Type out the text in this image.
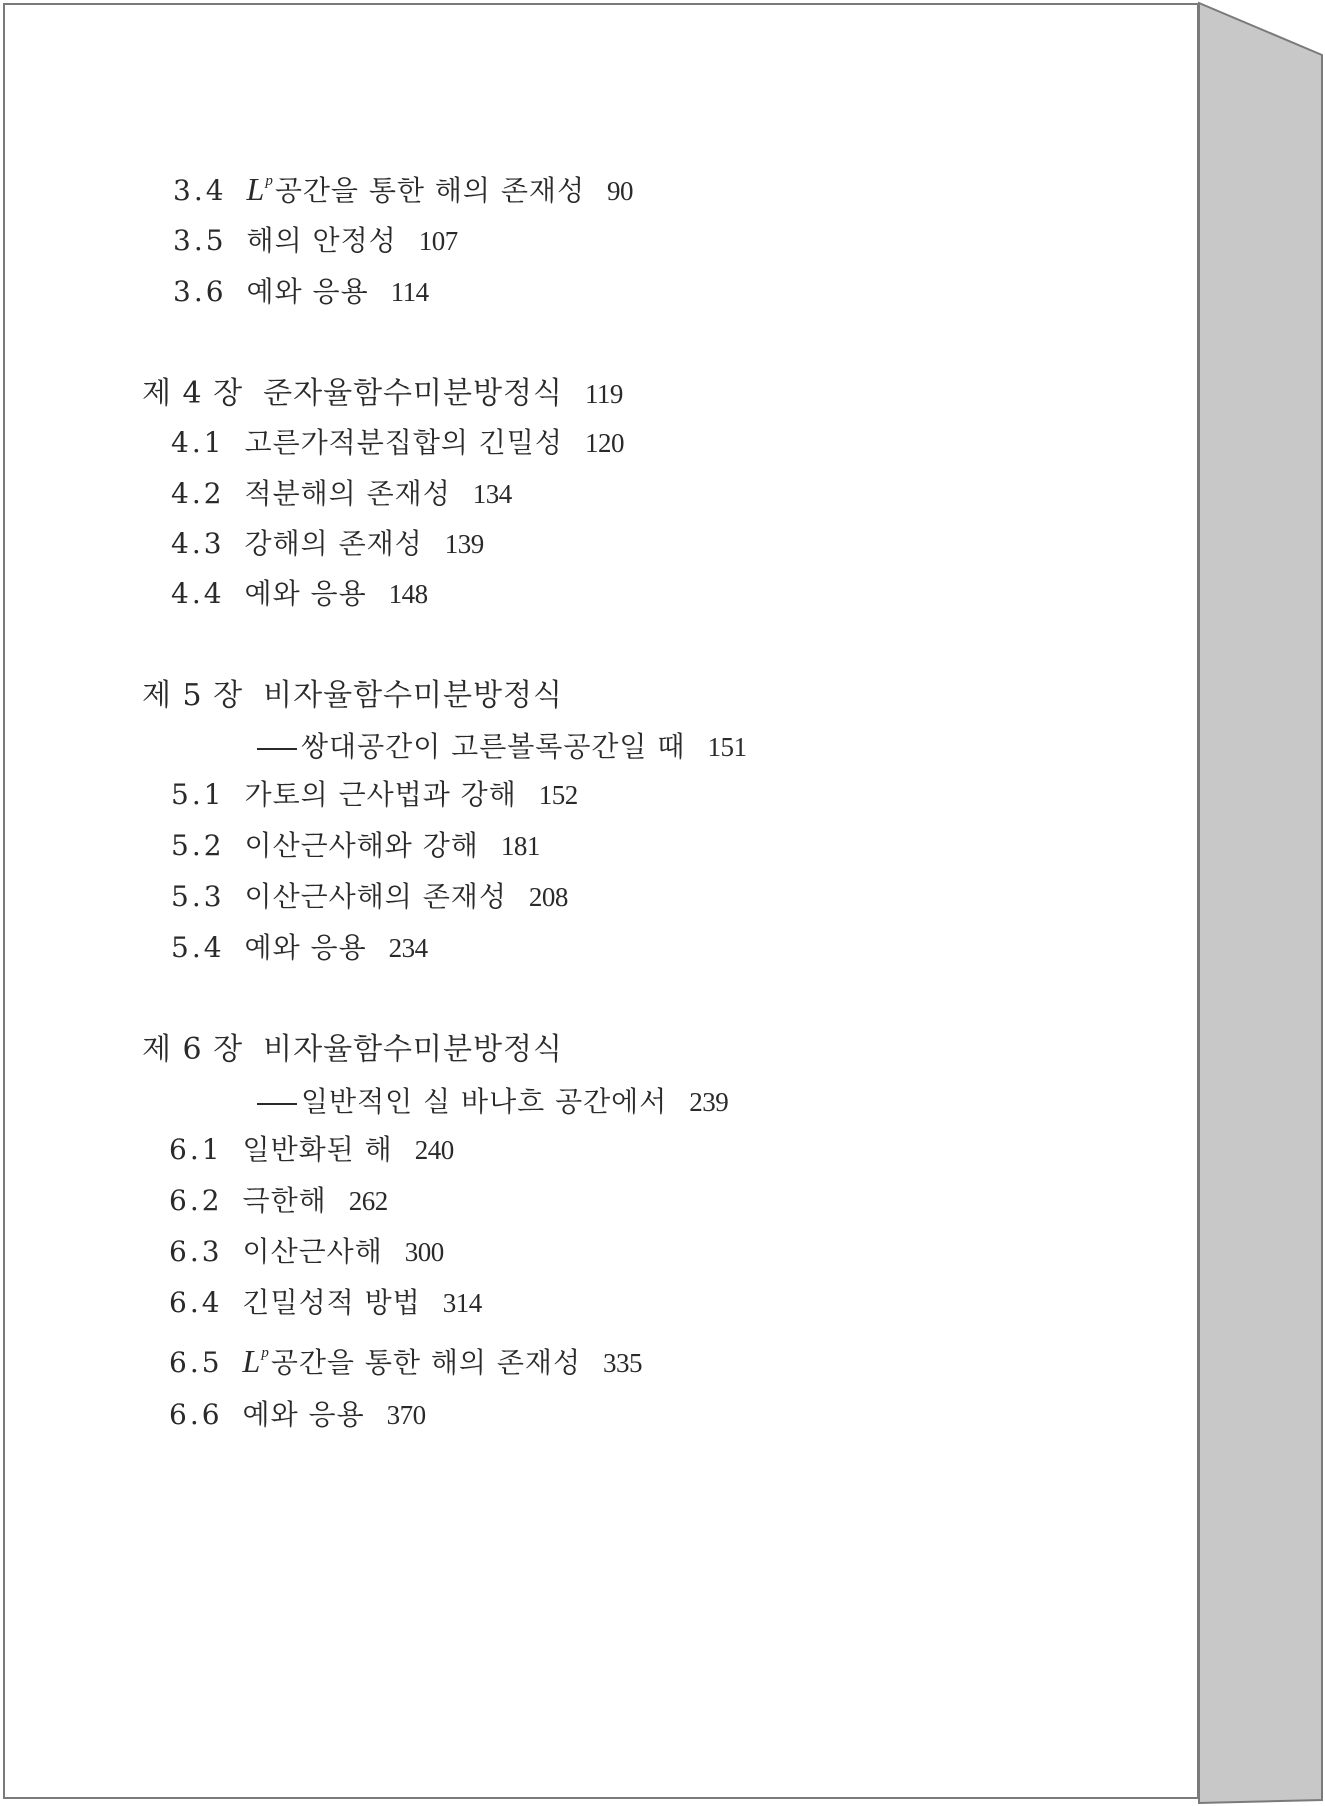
3.4 $L^p$공간을 통한 해의 존재성 90
3.5 해의 안정성 107
3.6 예와 응용 114
제 4 장 준자율함수미분방정식 119
4.1 고른가적분집합의 긴밀성 120
4.2 적분해의 존재성 134
4.3 강해의 존재성 139
4.4 예와 응용 148
제 5 장 비자율함수미분방정식
쌍대공간이 고른볼록공간일 때 151
5.1 가토의 근사법과 강해 152
5.2 이산근사해와 강해 181
5.3 이산근사해의 존재성 208
5.4 예와 응용 234
제 6 장 비자율함수미분방정식
일반적인 실 바나흐 공간에서 239
6.1 일반화된 해 240
6.2 극한해 262
6.3 이산근사해 300
6.4 긴밀성적 방법 314
6.5 $L^p$공간을 통한 해의 존재성 335
6.6 예와 응용 370
